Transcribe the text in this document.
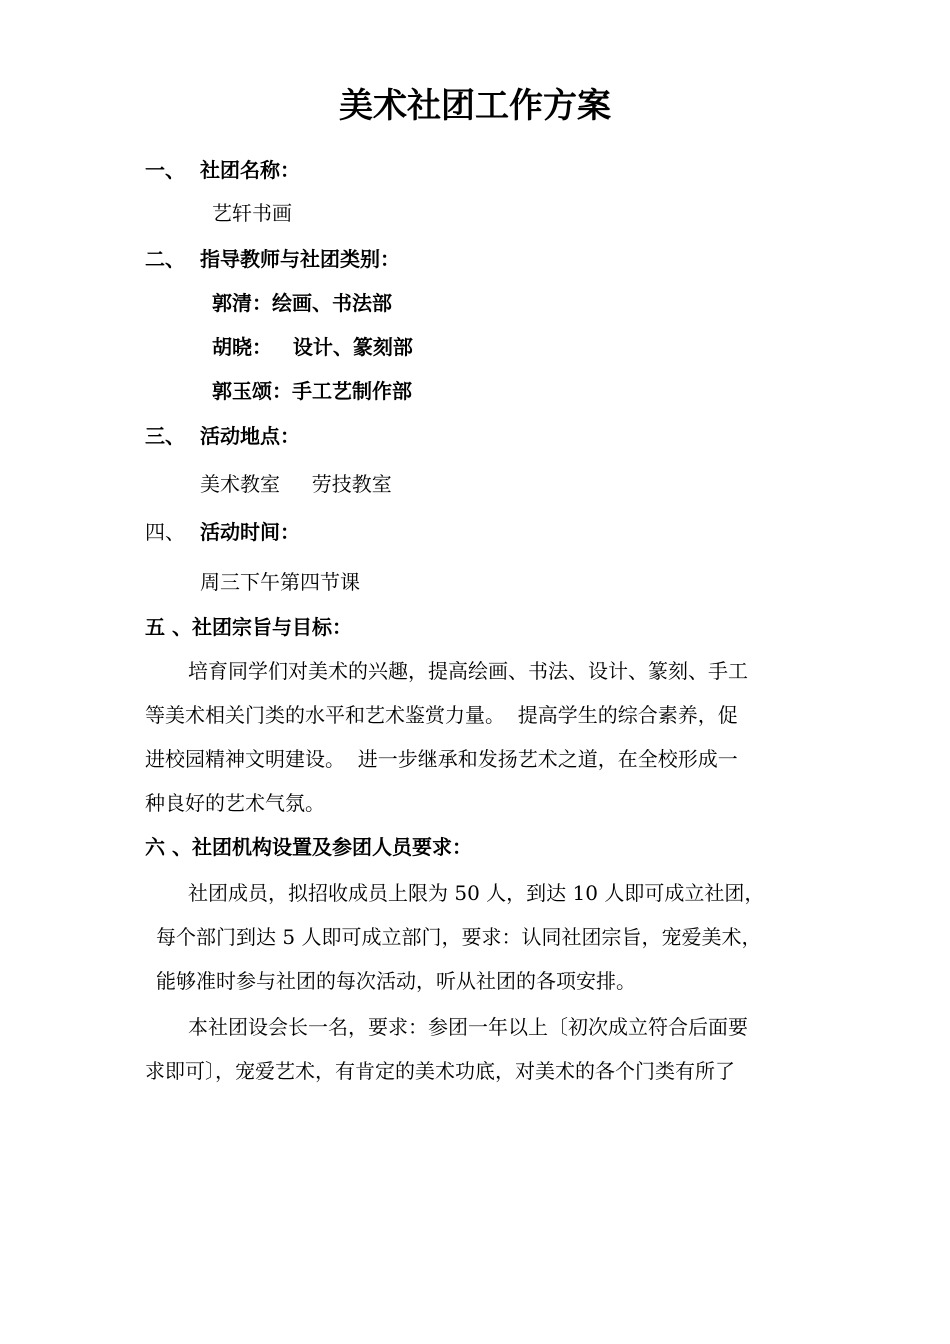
美术社团工作方案
一、 社团名称：
艺轩书画
二、 指导教师与社团类别：
郭清：绘画、书法部
胡晓：   设计、篆刻部
郭玉颂：手工艺制作部
三、 活动地点：
美术教室     劳技教室
四、 活动时间：
周三下午第四节课
五 、社团宗旨与目标：
培育同学们对美术的兴趣，提高绘画、书法、设计、篆刻、手工
等美术相关门类的水平和艺术鉴赏力量。  提高学生的综合素养，促
进校园精神文明建设。  进一步继承和发扬艺术之道，在全校形成一
种良好的艺术气氛。
六 、社团机构设置及参团人员要求：
社团成员，拟招收成员上限为 50 人，到达 10 人即可成立社团，
每个部门到达 5 人即可成立部门，要求：认同社团宗旨，宠爱美术，
能够准时参与社团的每次活动，听从社团的各项安排。
本社团设会长一名，要求：参团一年以上〔初次成立符合后面要
求即可〕，宠爱艺术，有肯定的美术功底，对美术的各个门类有所了
